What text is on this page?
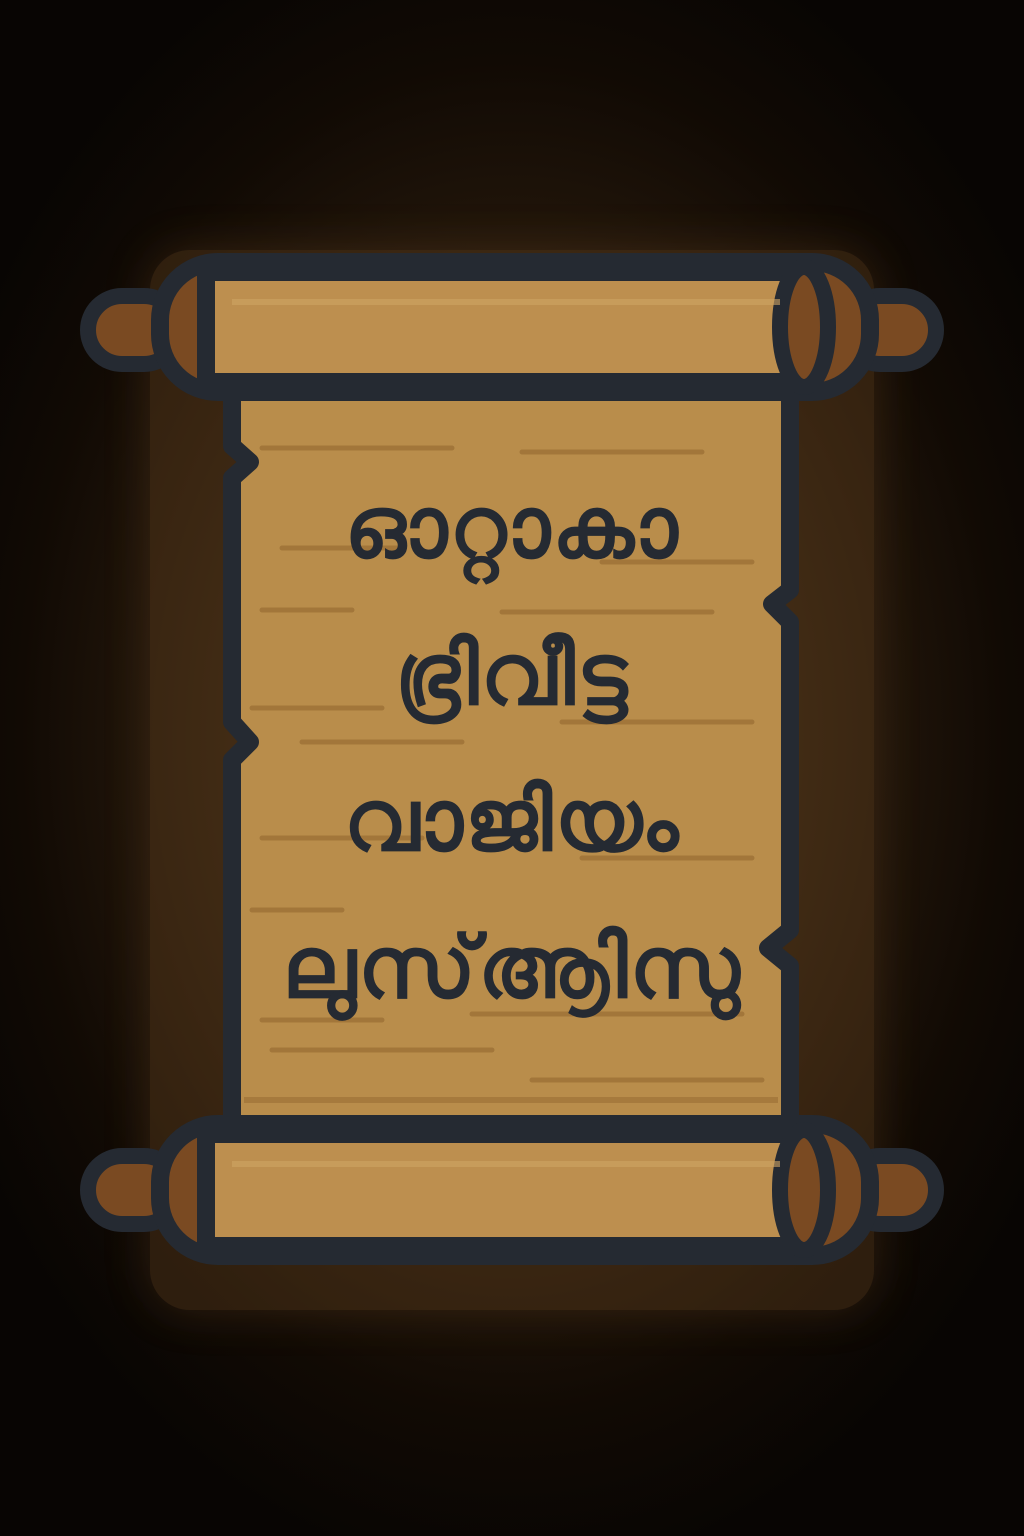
ഓറ്റാകാ
ഭ്രിവീട്ട
വാജിയം
ലുസ്ആിസു
